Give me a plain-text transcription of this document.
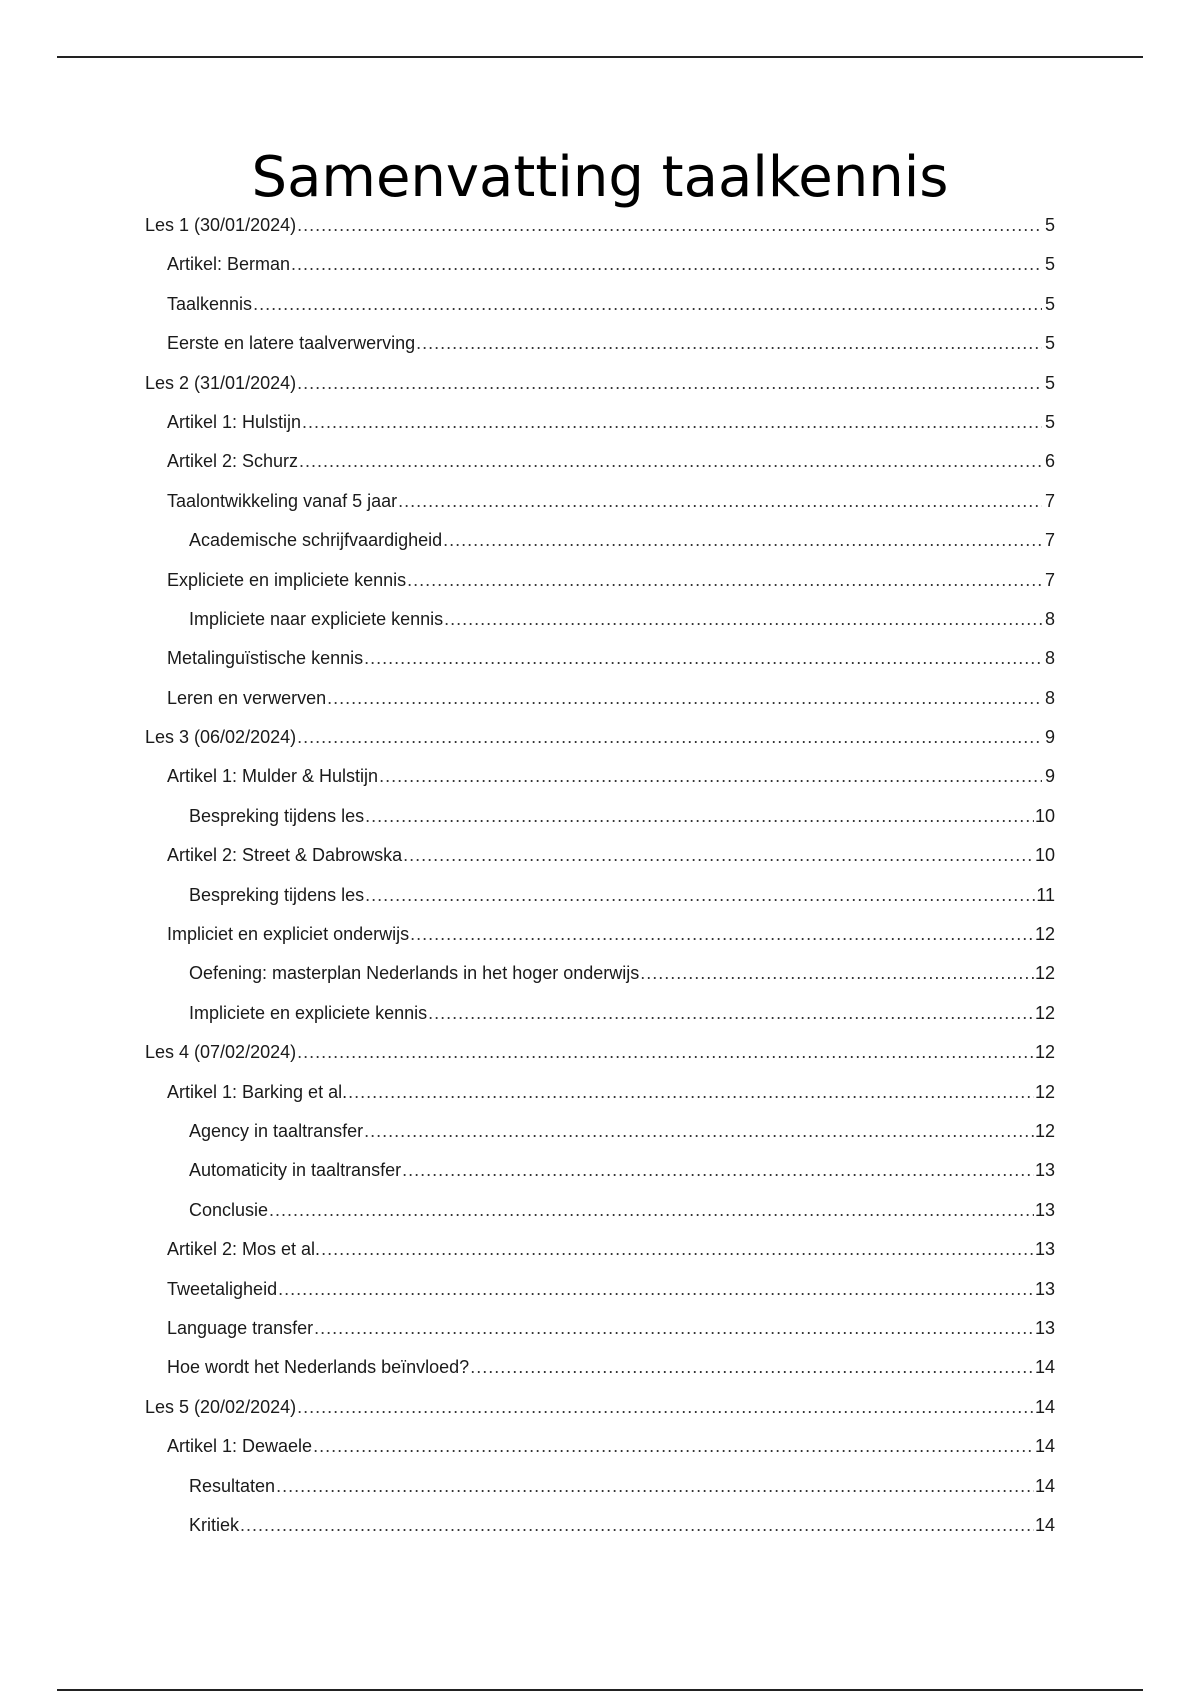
Samenvatting taalkennis
Les 1 (30/01/2024) .....	5
Artikel: Berman .....	5
Taalkennis .....	5
Eerste en latere taalverwerving .....	5
Les 2 (31/01/2024) .....	5
Artikel 1: Hulstijn .....	5
Artikel 2: Schurz .....	6
Taalontwikkeling vanaf 5 jaar .....	7
Academische schrijfvaardigheid .....	7
Expliciete en impliciete kennis .....	7
Impliciete naar expliciete kennis .....	8
Metalinguïstische kennis .....	8
Leren en verwerven .....	8
Les 3 (06/02/2024) .....	9
Artikel 1: Mulder & Hulstijn .....	9
Bespreking tijdens les .....	10
Artikel 2: Street & Dabrowska .....	10
Bespreking tijdens les .....	11
Impliciet en expliciet onderwijs .....	12
Oefening: masterplan Nederlands in het hoger onderwijs .....	12
Impliciete en expliciete kennis .....	12
Les 4 (07/02/2024) .....	12
Artikel 1: Barking et al. .....	12
Agency in taaltransfer .....	12
Automaticity in taaltransfer .....	13
Conclusie .....	13
Artikel 2: Mos et al. .....	13
Tweetaligheid .....	13
Language transfer .....	13
Hoe wordt het Nederlands beïnvloed? .....	14
Les 5 (20/02/2024) .....	14
Artikel 1: Dewaele .....	14
Resultaten .....	14
Kritiek .....	14
